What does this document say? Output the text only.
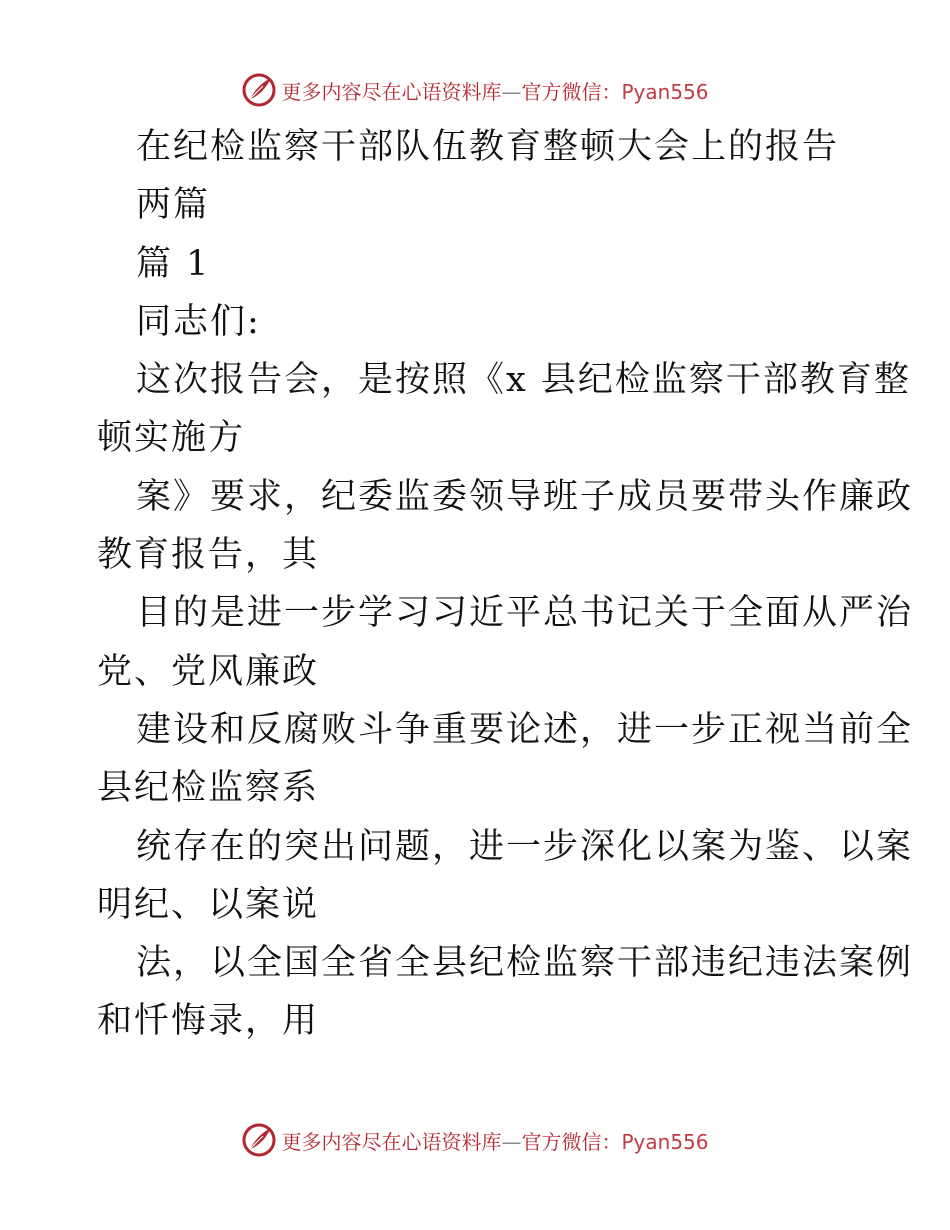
更多内容尽在心语资料库—官方微信：Pyan556
在纪检监察干部队伍教育整顿大会上的报告
两篇
篇 1
同志们:
这次报告会，是按照《x 县纪检监察干部教育整
顿实施方
案》要求，纪委监委领导班子成员要带头作廉政
教育报告，其
目的是进一步学习习近平总书记关于全面从严治
党、党风廉政
建设和反腐败斗争重要论述，进一步正视当前全
县纪检监察系
统存在的突出问题，进一步深化以案为鉴、以案
明纪、以案说
法，以全国全省全县纪检监察干部违纪违法案例
和忏悔录，用
更多内容尽在心语资料库—官方微信：Pyan556
